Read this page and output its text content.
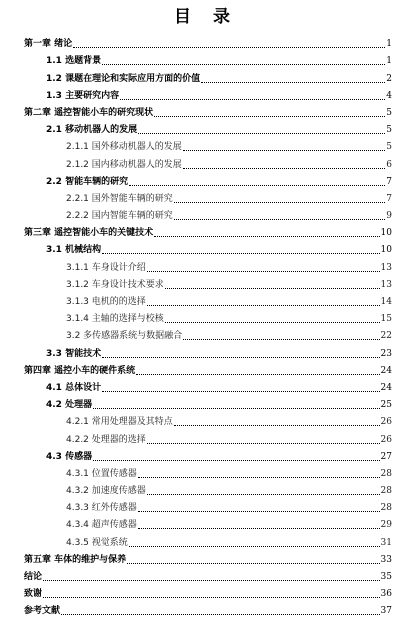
目 录
第一章 绪论	1
1.1 选题背景	1
1.2 课题在理论和实际应用方面的价值	2
1.3 主要研究内容	4
第二章 遥控智能小车的研究现状	5
2.1 移动机器人的发展	5
2.1.1 国外移动机器人的发展	5
2.1.2 国内移动机器人的发展	6
2.2 智能车辆的研究	7
2.2.1 国外智能车辆的研究	7
2.2.2 国内智能车辆的研究	9
第三章 遥控智能小车的关键技术	10
3.1 机械结构	10
3.1.1 车身设计介绍	13
3.1.2 车身设计技术要求	13
3.1.3 电机的的选择	14
3.1.4 主轴的选择与校核	15
3.2 多传感器系统与数据融合	22
3.3 智能技术	23
第四章 遥控小车的硬件系统	24
4.1 总体设计	24
4.2 处理器	25
4.2.1 常用处理器及其特点	26
4.2.2 处理器的选择	26
4.3 传感器	27
4.3.1 位置传感器	28
4.3.2 加速度传感器	28
4.3.3 红外传感器	28
4.3.4 超声传感器	29
4.3.5 视觉系统	31
第五章 车体的维护与保养	33
结论	35
致谢	36
参考文献	37
